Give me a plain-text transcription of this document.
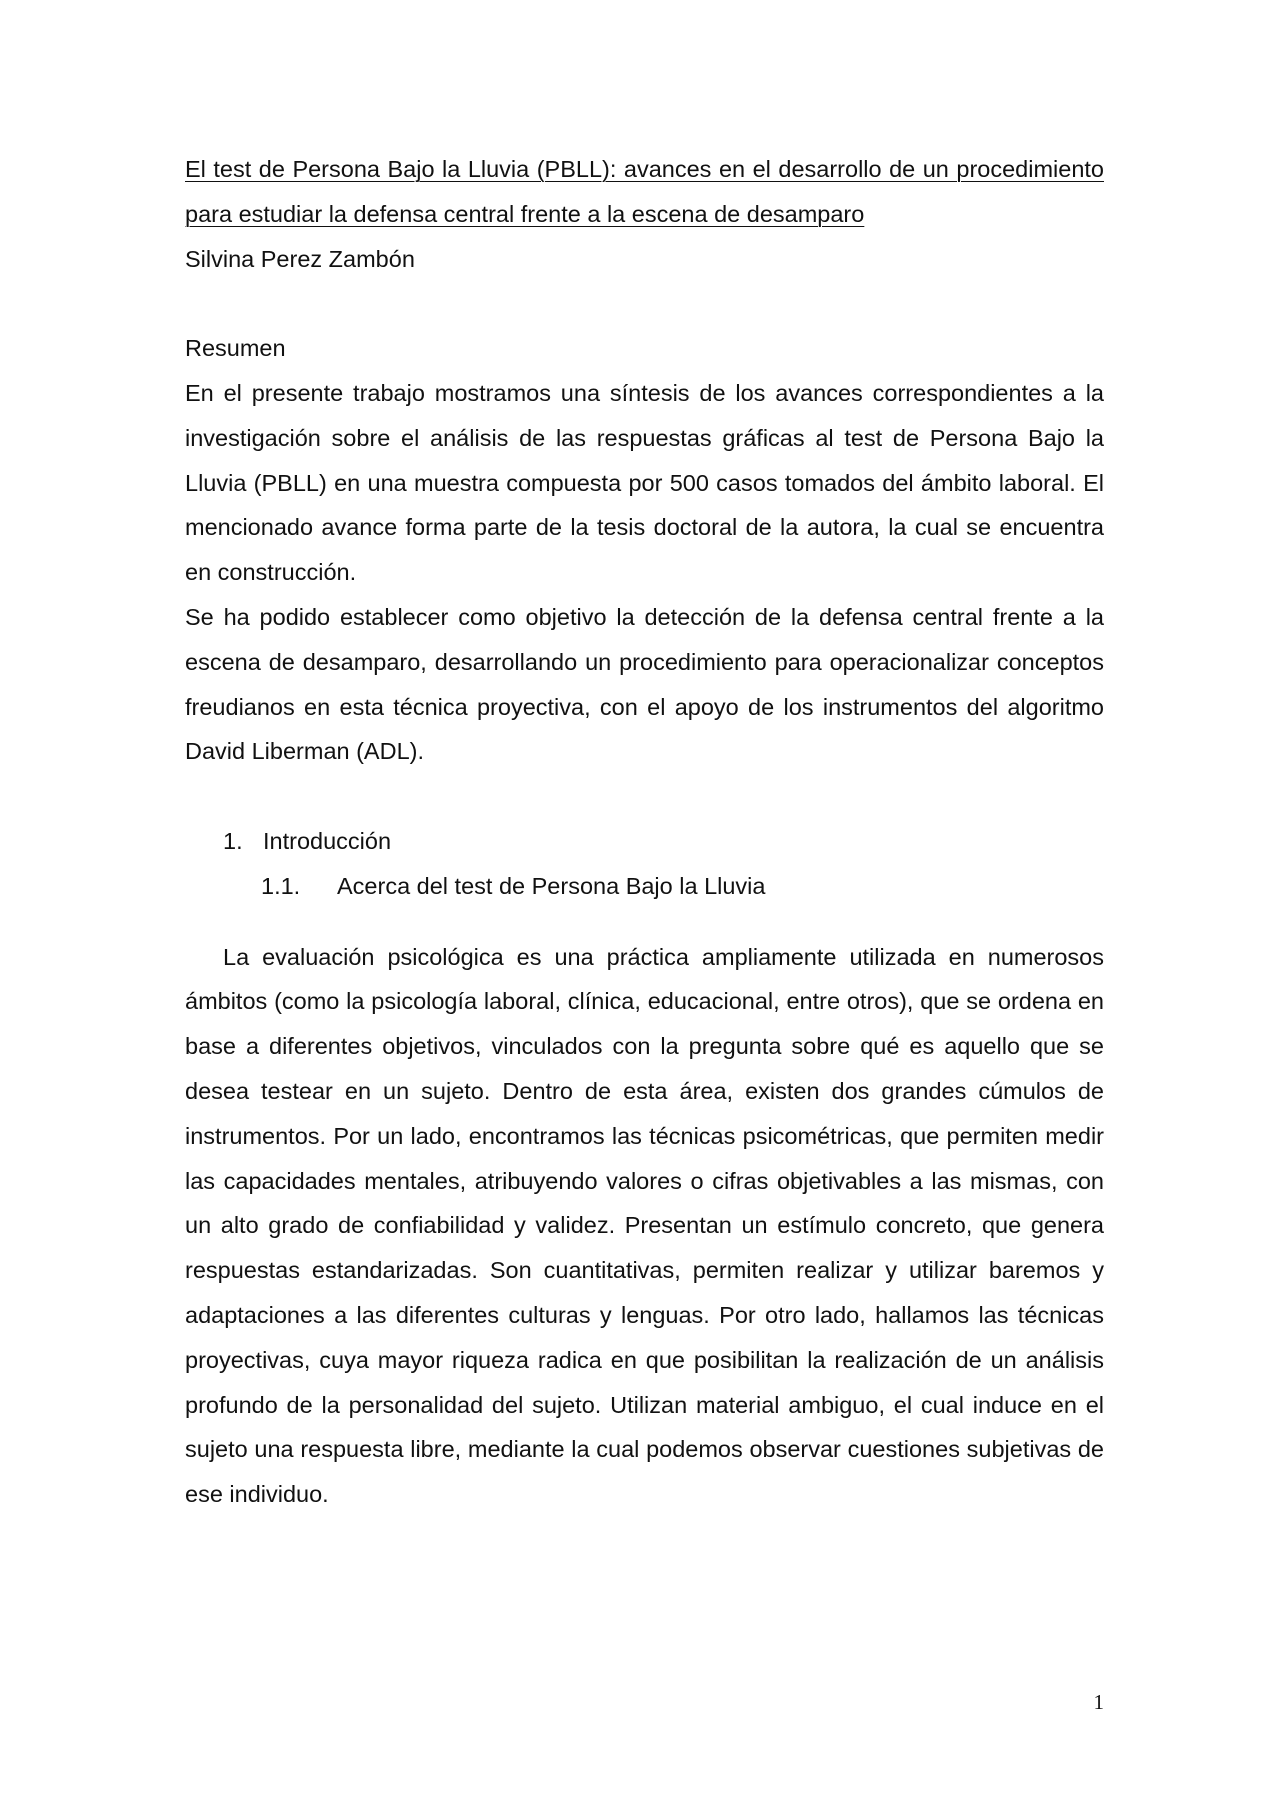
El test de Persona Bajo la Lluvia (PBLL): avances en el desarrollo de un procedimiento para estudiar la defensa central frente a la escena de desamparo

Silvina Perez Zambón

Resumen

En el presente trabajo mostramos una síntesis de los avances correspondientes a la investigación sobre el análisis de las respuestas gráficas al test de Persona Bajo la Lluvia (PBLL) en una muestra compuesta por 500 casos tomados del ámbito laboral. El mencionado avance forma parte de la tesis doctoral de la autora, la cual se encuentra en construcción.

Se ha podido establecer como objetivo la detección de la defensa central frente a la escena de desamparo, desarrollando un procedimiento para operacionalizar conceptos freudianos en esta técnica proyectiva, con el apoyo de los instrumentos del algoritmo David Liberman (ADL).

1. Introducción
1.1.	Acerca del test de Persona Bajo la Lluvia

La evaluación psicológica es una práctica ampliamente utilizada en numerosos ámbitos (como la psicología laboral, clínica, educacional, entre otros), que se ordena en base a diferentes objetivos, vinculados con la pregunta sobre qué es aquello que se desea testear en un sujeto. Dentro de esta área, existen dos grandes cúmulos de instrumentos. Por un lado, encontramos las técnicas psicométricas, que permiten medir las capacidades mentales, atribuyendo valores o cifras objetivables a las mismas, con un alto grado de confiabilidad y validez. Presentan un estímulo concreto, que genera respuestas estandarizadas. Son cuantitativas, permiten realizar y utilizar baremos y adaptaciones a las diferentes culturas y lenguas. Por otro lado, hallamos las técnicas proyectivas, cuya mayor riqueza radica en que posibilitan la realización de un análisis profundo de la personalidad del sujeto. Utilizan material ambiguo, el cual induce en el sujeto una respuesta libre, mediante la cual podemos observar cuestiones subjetivas de ese individuo.

1
